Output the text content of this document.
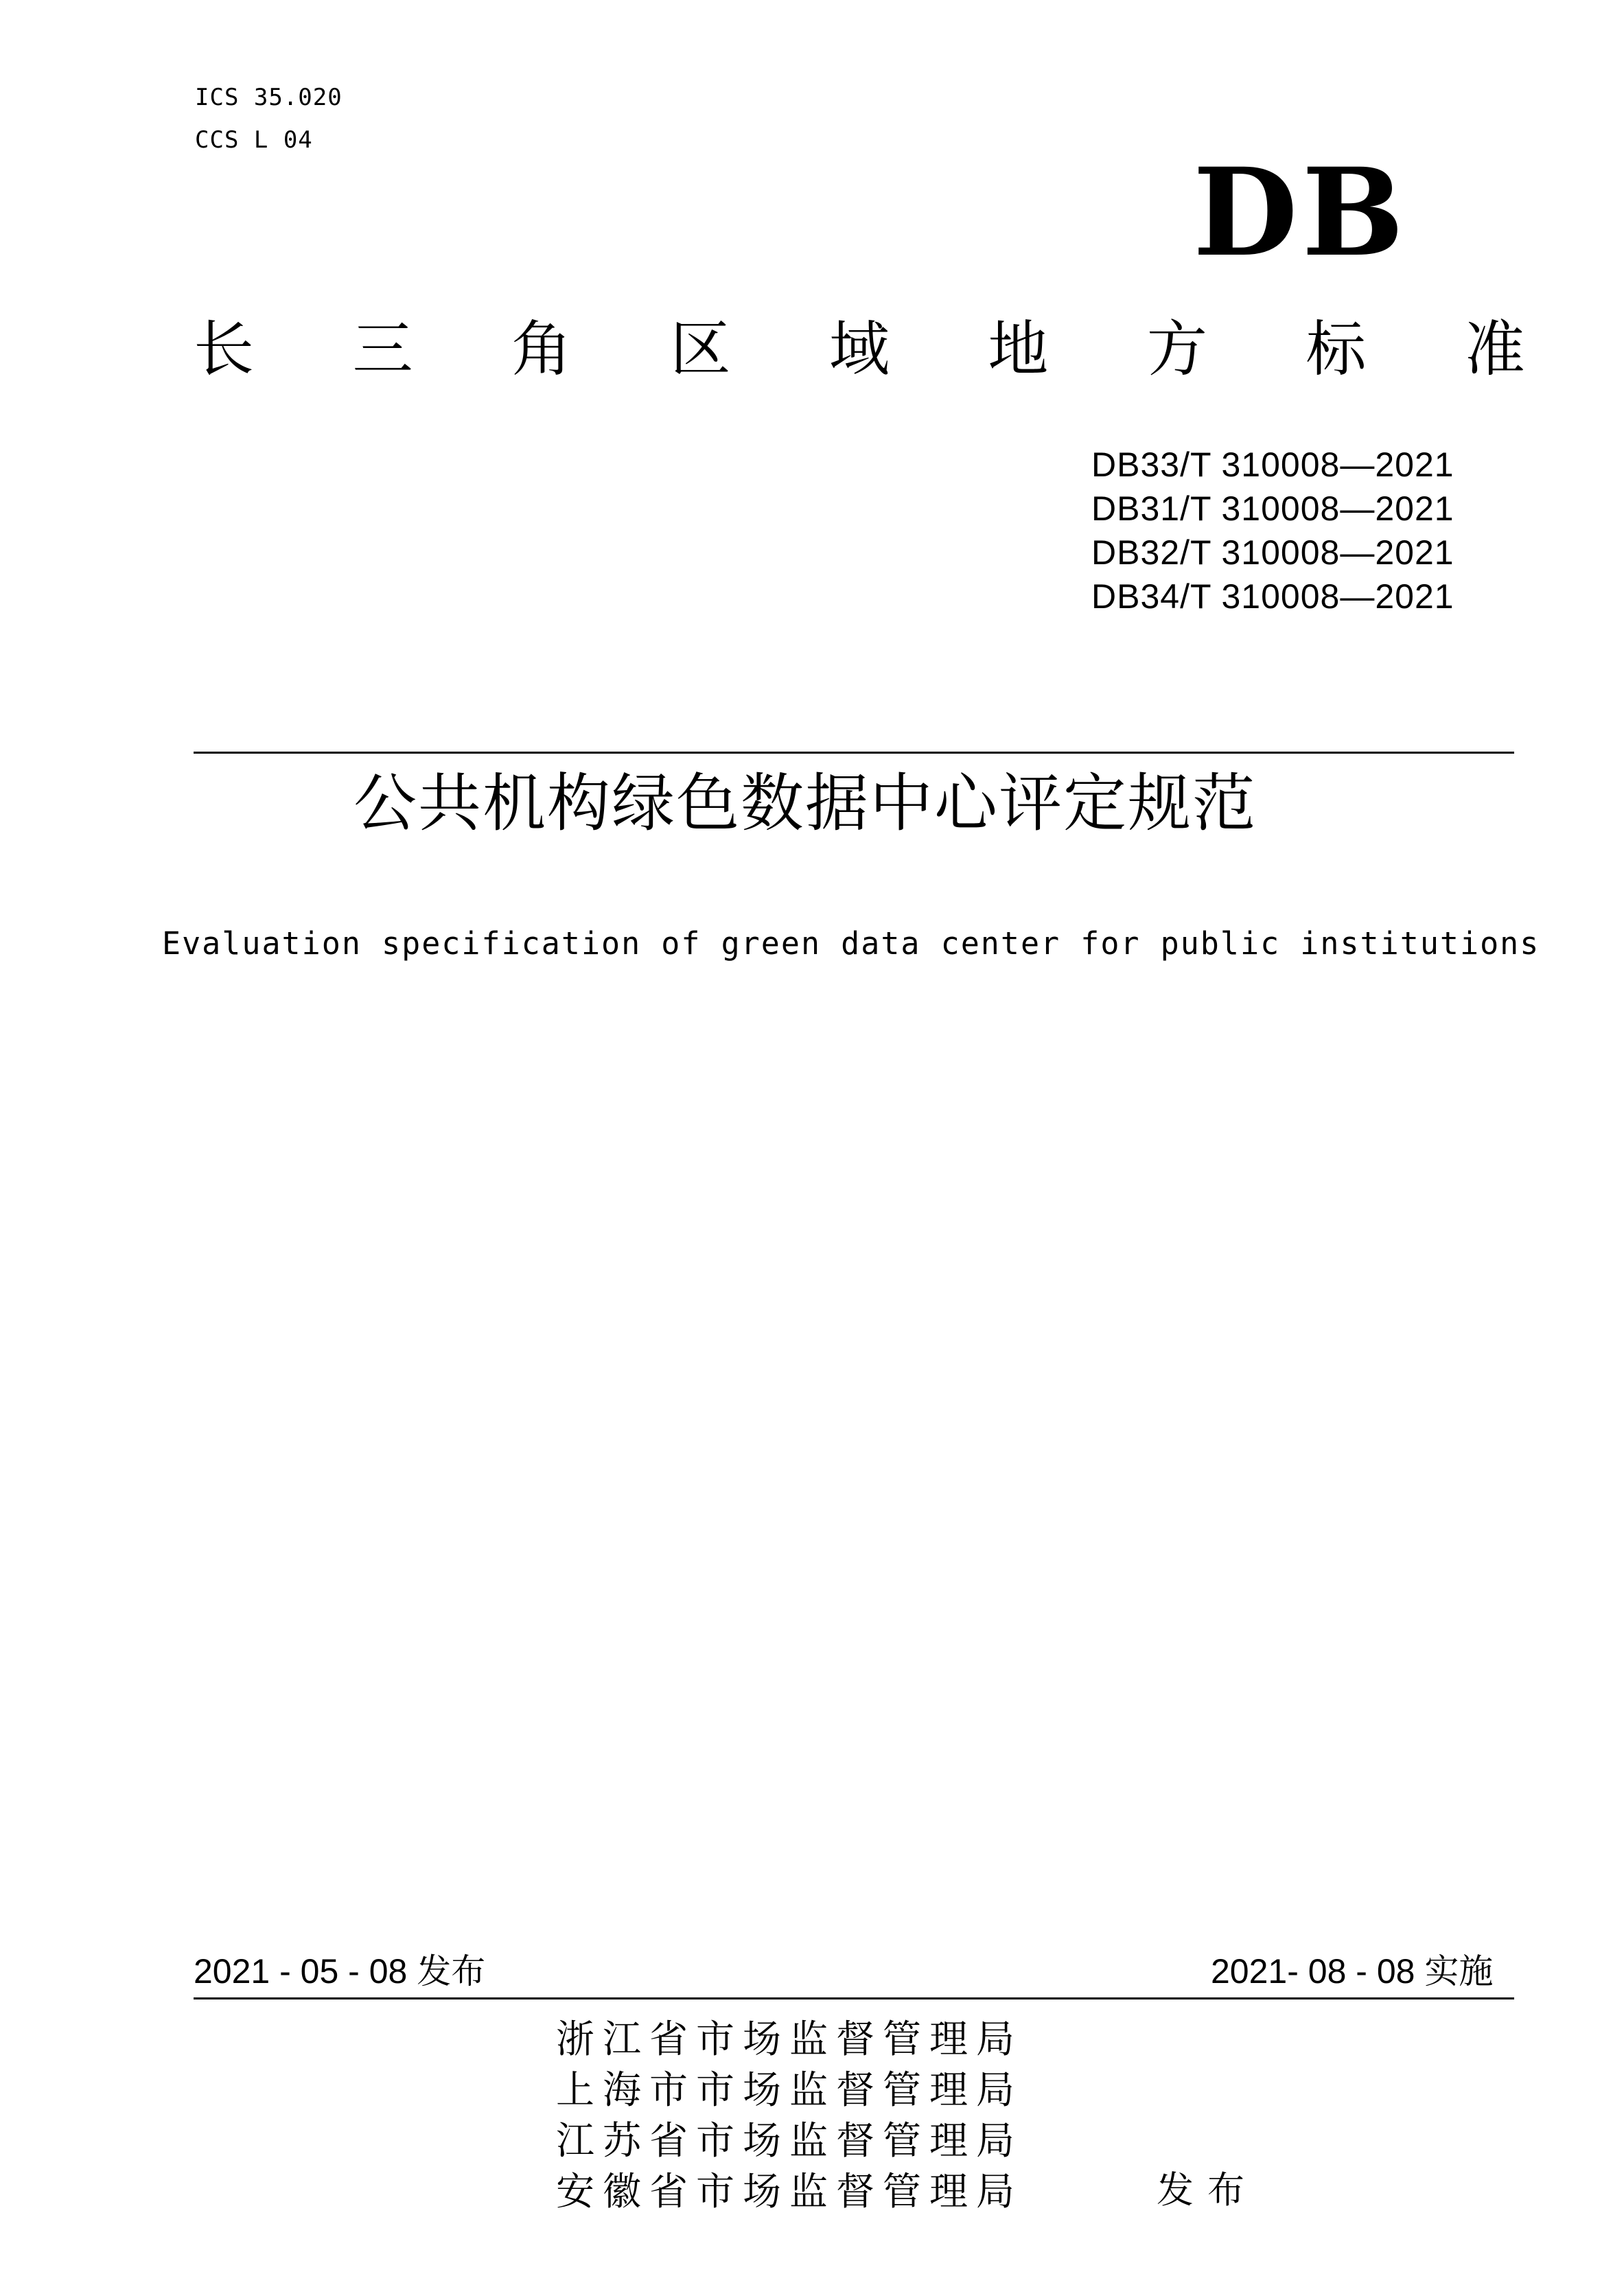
ICS 35.020
CCS L 04
DB
长 三 角 区 域 地 方 标 准
DB33/T 310008—2021
DB31/T 310008—2021
DB32/T 310008—2021
DB34/T 310008—2021
公共机构绿色数据中心评定规范
Evaluation specification of green data center for public institutions
2021 - 05 - 08 发布	2021- 08 - 08 实施
浙江省市场监督管理局
上海市市场监督管理局
江苏省市场监督管理局
安徽省市场监督管理局	发布
